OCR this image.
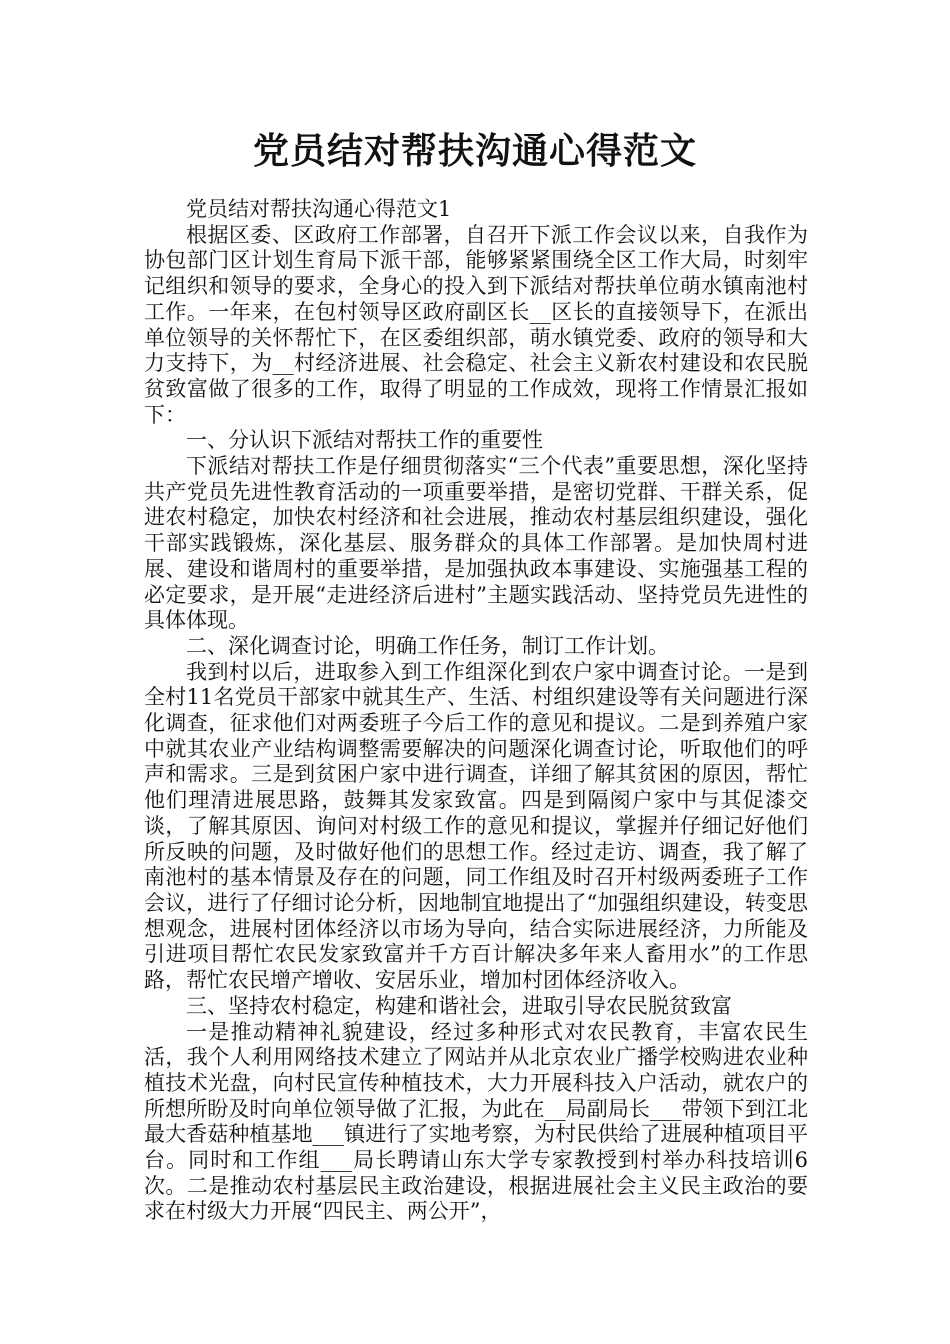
党员结对帮扶沟通心得范文

党员结对帮扶沟通心得范文1

根据区委、区政府工作部署，自召开下派工作会议以来，自我作为协包部门区计划生育局下派干部，能够紧紧围绕全区工作大局，时刻牢记组织和领导的要求，全身心的投入到下派结对帮扶单位萌水镇南池村工作。一年来，在包村领导区政府副区长__区长的直接领导下，在派出单位领导的关怀帮忙下，在区委组织部，萌水镇党委、政府的领导和大力支持下，为__村经济进展、社会稳定、社会主义新农村建设和农民脱贫致富做了很多的工作，取得了明显的工作成效，现将工作情景汇报如下：

一、分认识下派结对帮扶工作的重要性

下派结对帮扶工作是仔细贯彻落实“三个代表”重要思想，深化坚持共产党员先进性教育活动的一项重要举措，是密切党群、干群关系，促进农村稳定，加快农村经济和社会进展，推动农村基层组织建设，强化干部实践锻炼，深化基层、服务群众的具体工作部署。是加快周村进展、建设和谐周村的重要举措，是加强执政本事建设、实施强基工程的必定要求，是开展“走进经济后进村”主题实践活动、坚持党员先进性的具体体现。

二、深化调查讨论，明确工作任务，制订工作计划。

我到村以后，进取参入到工作组深化到农户家中调查讨论。一是到全村11名党员干部家中就其生产、生活、村组织建设等有关问题进行深化调查，征求他们对两委班子今后工作的意见和提议。二是到养殖户家中就其农业产业结构调整需要解决的问题深化调查讨论，听取他们的呼声和需求。三是到贫困户家中进行调查，详细了解其贫困的原因，帮忙他们理清进展思路，鼓舞其发家致富。四是到隔阂户家中与其促漆交谈，了解其原因、询问对村级工作的意见和提议，掌握并仔细记好他们所反映的问题，及时做好他们的思想工作。经过走访、调查，我了解了南池村的基本情景及存在的问题，同工作组及时召开村级两委班子工作会议，进行了仔细讨论分析，因地制宜地提出了“加强组织建设，转变思想观念，进展村团体经济以市场为导向，结合实际进展经济，力所能及引进项目帮忙农民发家致富并千方百计解决多年来人畜用水”的工作思路，帮忙农民增产增收、安居乐业，增加村团体经济收入。

三、坚持农村稳定，构建和谐社会，进取引导农民脱贫致富

一是推动精神礼貌建设，经过多种形式对农民教育，丰富农民生活，我个人利用网络技术建立了网站并从北京农业广播学校购进农业种植技术光盘，向村民宣传种植技术，大力开展科技入户活动，就农户的所想所盼及时向单位领导做了汇报，为此在__局副局长___带领下到江北最大香菇种植基地___镇进行了实地考察，为村民供给了进展种植项目平台。同时和工作组___局长聘请山东大学专家教授到村举办科技培训6次。二是推动农村基层民主政治建设，根据进展社会主义民主政治的要求在村级大力开展“四民主、两公开”，
